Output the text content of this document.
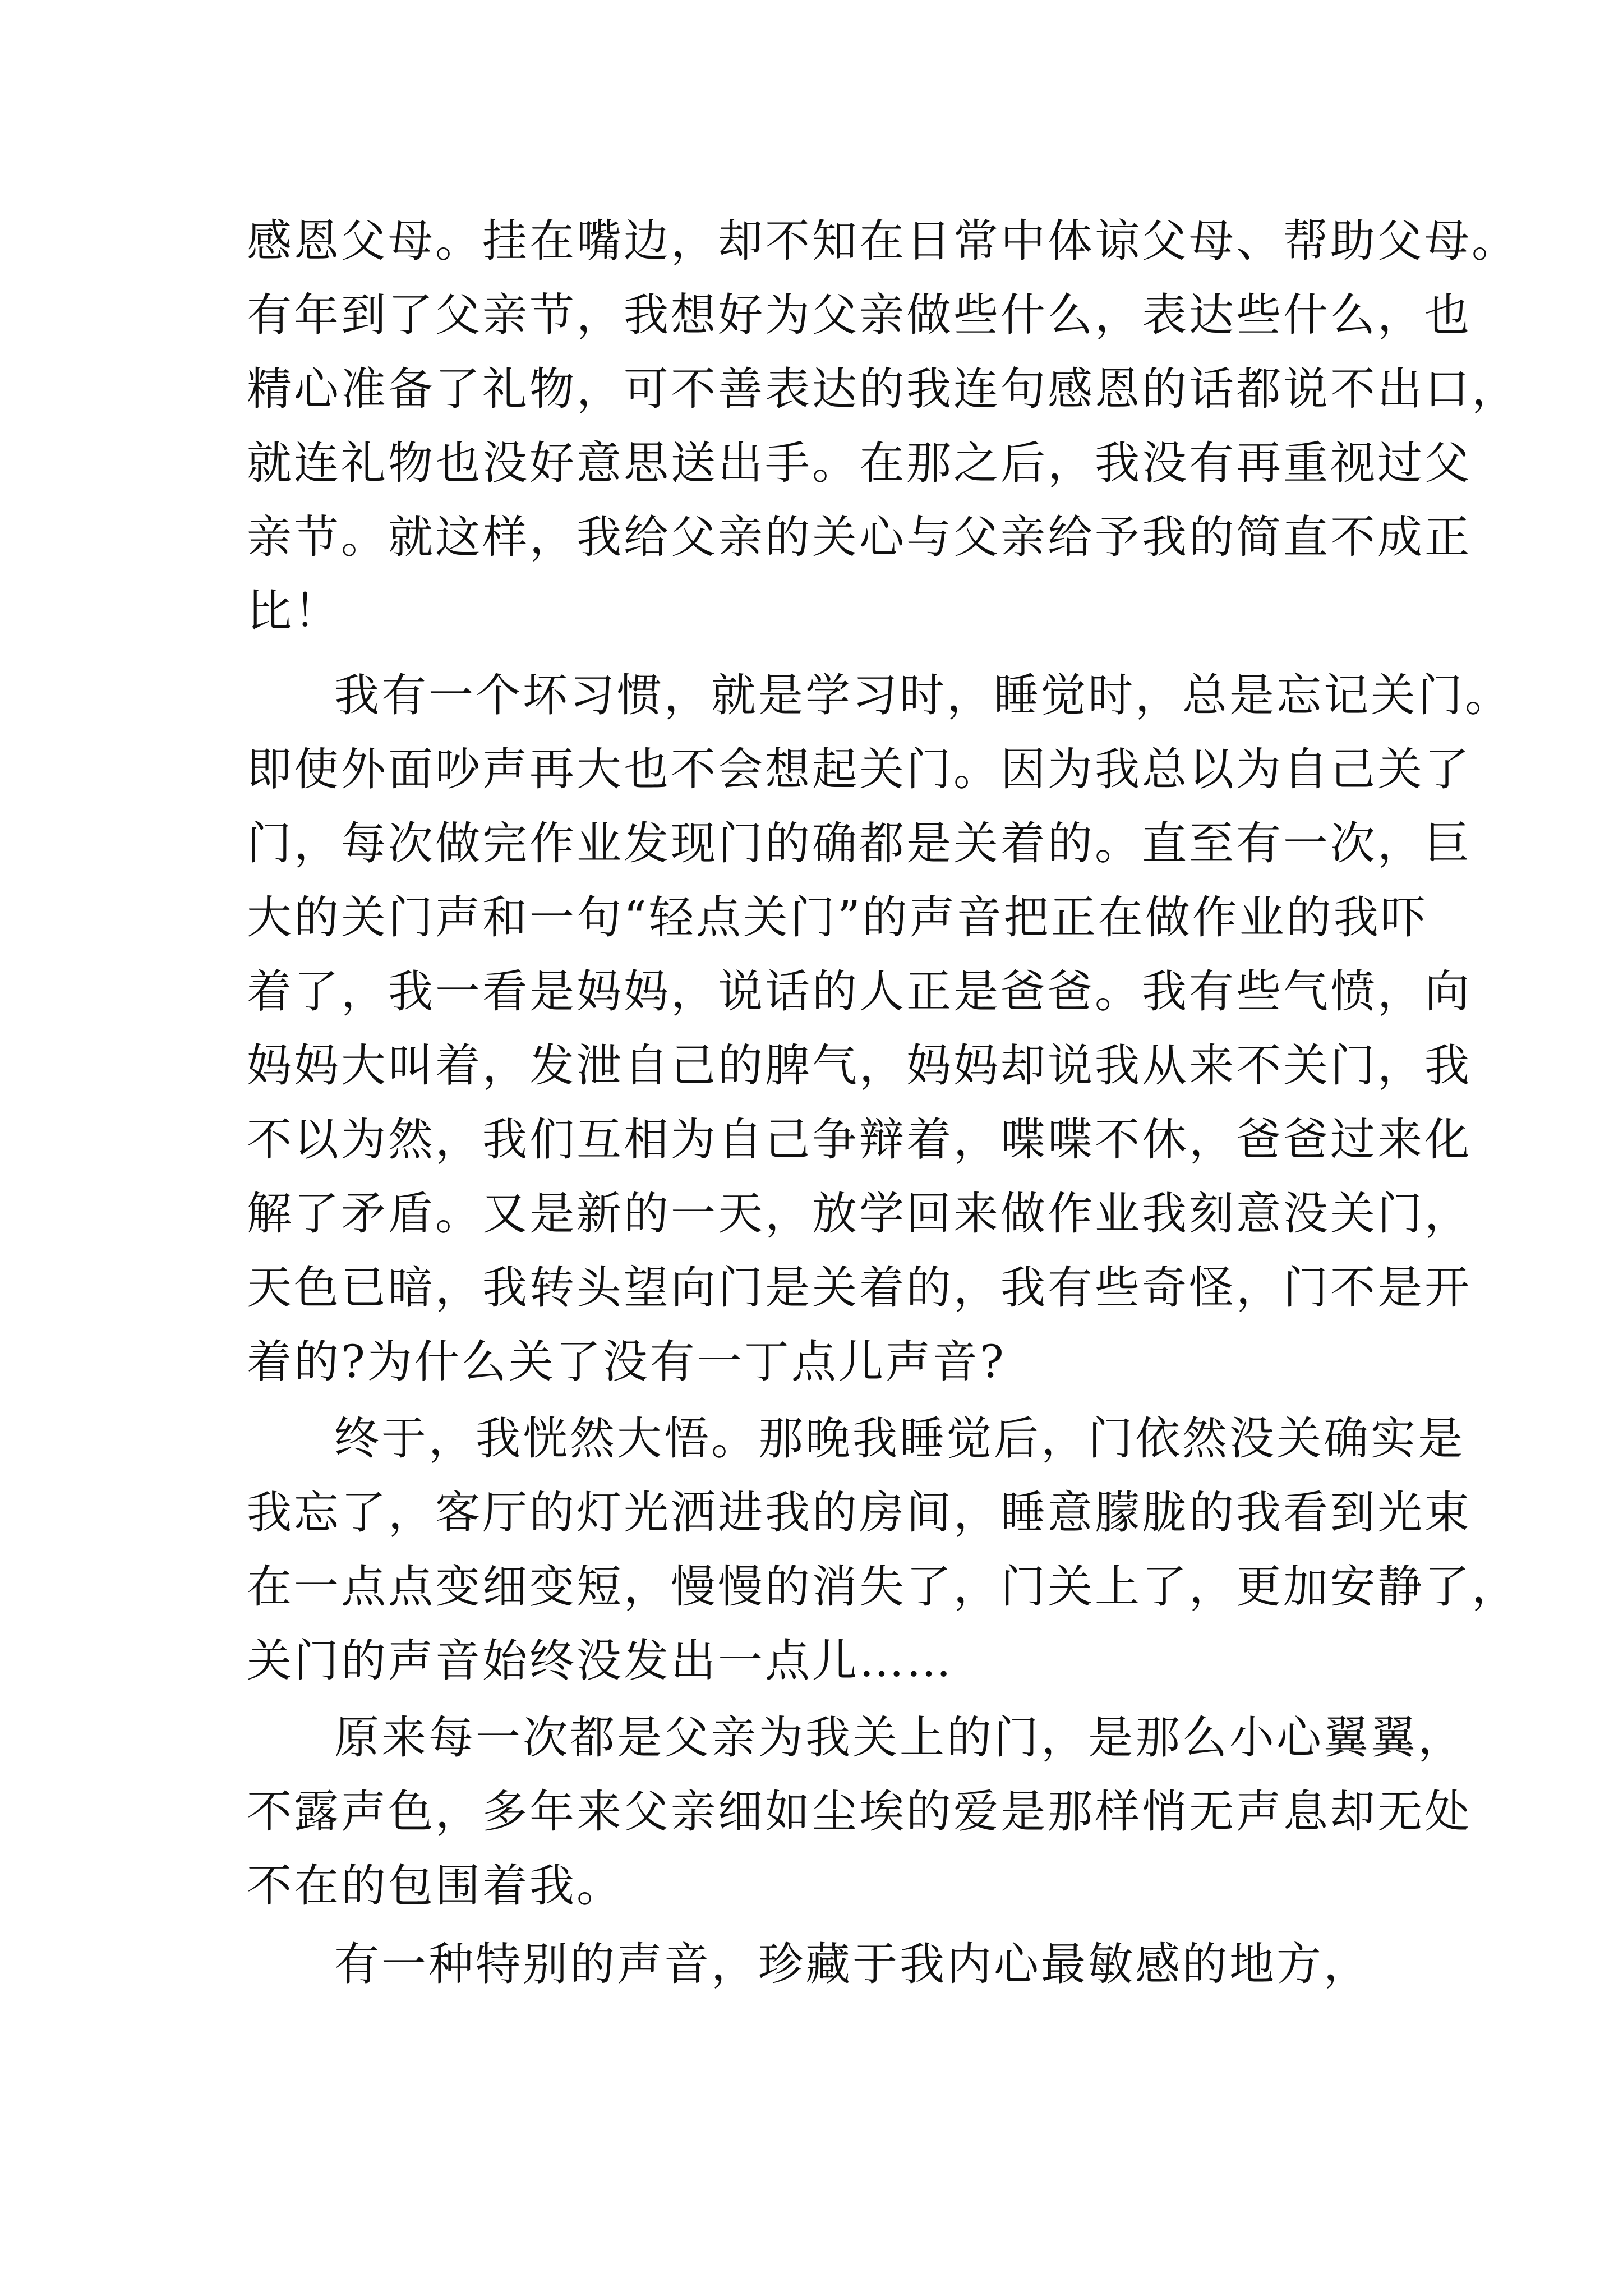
感恩父母。挂在嘴边，却不知在日常中体谅父母、帮助父母。
有年到了父亲节，我想好为父亲做些什么，表达些什么，也
精心准备了礼物，可不善表达的我连句感恩的话都说不出口，
就连礼物也没好意思送出手。在那之后，我没有再重视过父
亲节。就这样，我给父亲的关心与父亲给予我的简直不成正
比！
我有一个坏习惯，就是学习时，睡觉时，总是忘记关门。
即使外面吵声再大也不会想起关门。因为我总以为自己关了
门，每次做完作业发现门的确都是关着的。直至有一次，巨
大的关门声和一句“轻点关门”的声音把正在做作业的我吓
着了，我一看是妈妈，说话的人正是爸爸。我有些气愤，向
妈妈大叫着，发泄自己的脾气，妈妈却说我从来不关门，我
不以为然，我们互相为自己争辩着，喋喋不休，爸爸过来化
解了矛盾。又是新的一天，放学回来做作业我刻意没关门，
天色已暗，我转头望向门是关着的，我有些奇怪，门不是开
着的?为什么关了没有一丁点儿声音?
终于，我恍然大悟。那晚我睡觉后，门依然没关确实是
我忘了，客厅的灯光洒进我的房间，睡意朦胧的我看到光束
在一点点变细变短，慢慢的消失了，门关上了，更加安静了，
关门的声音始终没发出一点儿……
原来每一次都是父亲为我关上的门，是那么小心翼翼，
不露声色，多年来父亲细如尘埃的爱是那样悄无声息却无处
不在的包围着我。
有一种特别的声音，珍藏于我内心最敏感的地方，
